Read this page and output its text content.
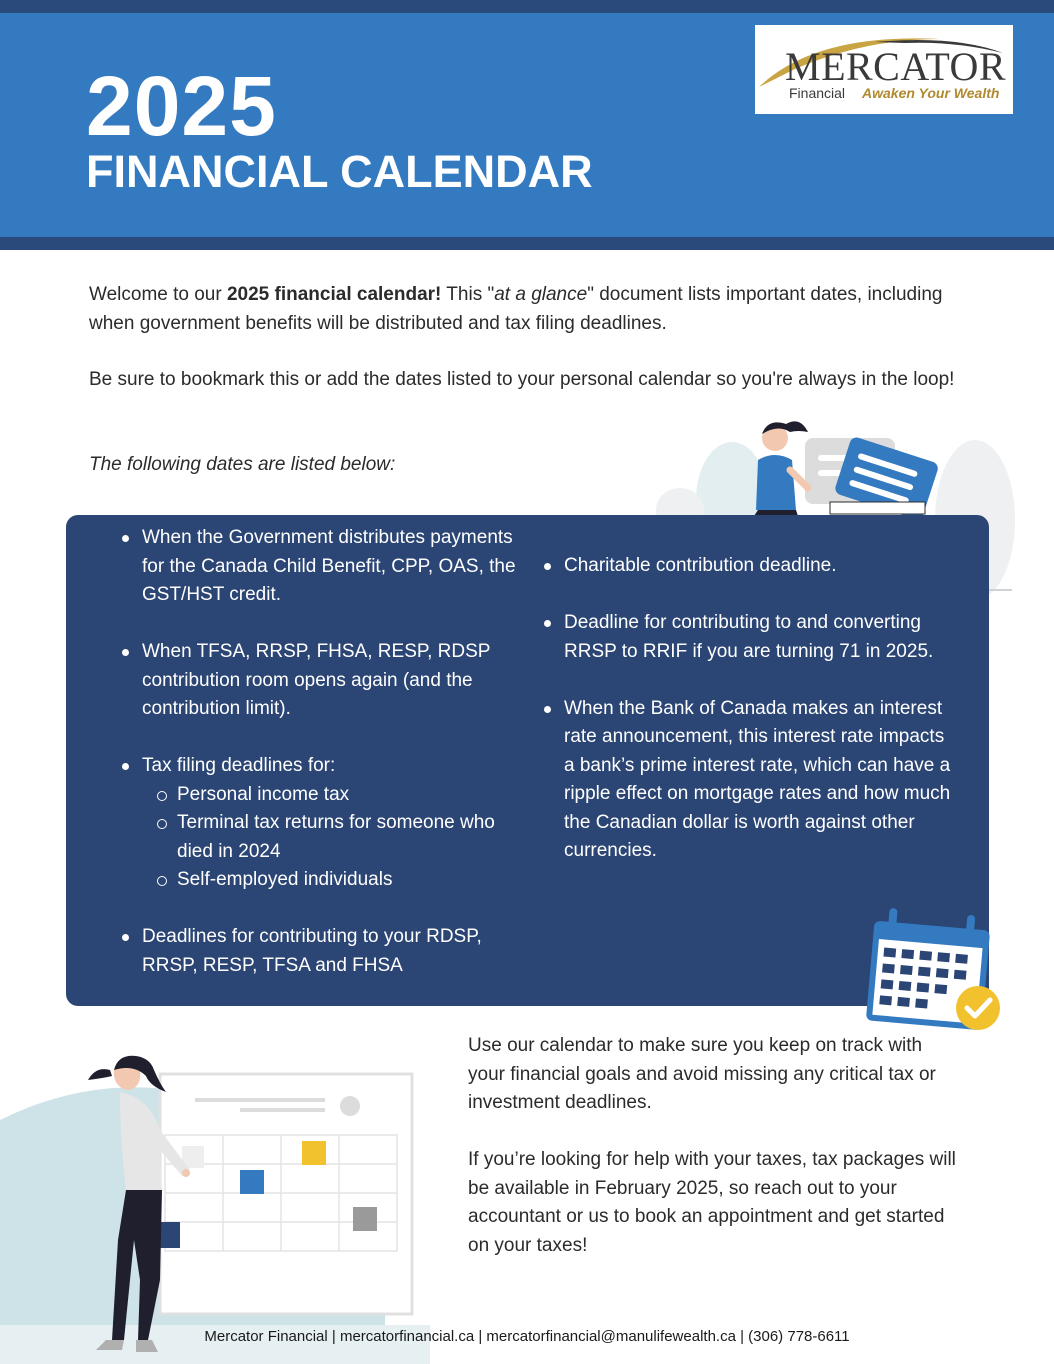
2025
FINANCIAL CALENDAR
MERCATOR
Financial Awaken Your Wealth

Welcome to our 2025 financial calendar! This "at a glance" document lists important dates, including when government benefits will be distributed and tax filing deadlines.

Be sure to bookmark this or add the dates listed to your personal calendar so you're always in the loop!

The following dates are listed below:

When the Government distributes payments for the Canada Child Benefit, CPP, OAS, the GST/HST credit.
When TFSA, RRSP, FHSA, RESP, RDSP contribution room opens again (and the contribution limit).
Tax filing deadlines for:
Personal income tax
Terminal tax returns for someone who died in 2024
Self-employed individuals
Deadlines for contributing to your RDSP, RRSP, RESP, TFSA and FHSA
Charitable contribution deadline.
Deadline for contributing to and converting RRSP to RRIF if you are turning 71 in 2025.
When the Bank of Canada makes an interest rate announcement, this interest rate impacts a bank’s prime interest rate, which can have a ripple effect on mortgage rates and how much the Canadian dollar is worth against other currencies.

Use our calendar to make sure you keep on track with your financial goals and avoid missing any critical tax or investment deadlines.

If you’re looking for help with your taxes, tax packages will be available in February 2025, so reach out to your accountant or us to book an appointment and get started on your taxes!

Mercator Financial | mercatorfinancial.ca | mercatorfinancial@manulifewealth.ca | (306) 778-6611
